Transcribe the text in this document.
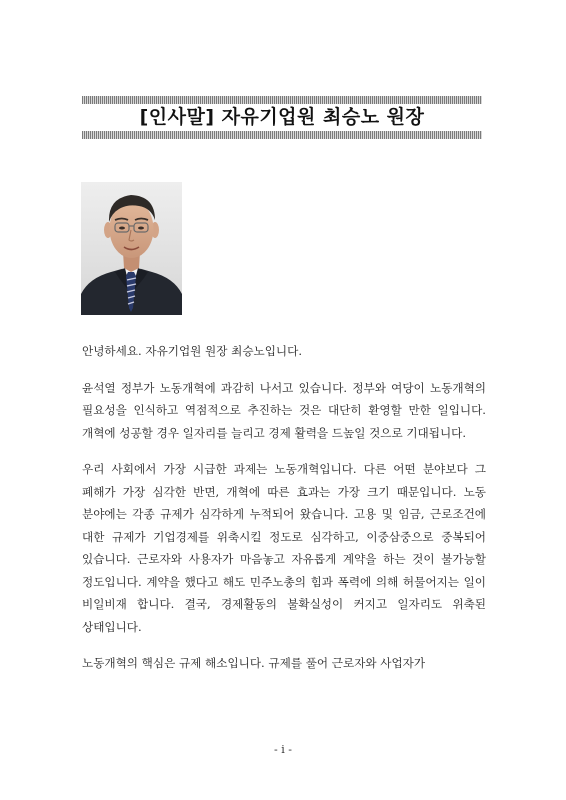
[인사말] 자유기업원 최승노 원장

안녕하세요. 자유기업원 원장 최승노입니다.

윤석열 정부가 노동개혁에 과감히 나서고 있습니다. 정부와 여당이 노동개혁의 필요성을 인식하고 역점적으로 추진하는 것은 대단히 환영할 만한 일입니다. 개혁에 성공할 경우 일자리를 늘리고 경제 활력을 드높일 것으로 기대됩니다.

우리 사회에서 가장 시급한 과제는 노동개혁입니다. 다른 어떤 분야보다 그 폐해가 가장 심각한 반면, 개혁에 따른 효과는 가장 크기 때문입니다. 노동 분야에는 각종 규제가 심각하게 누적되어 왔습니다. 고용 및 임금, 근로조건에 대한 규제가 기업경제를 위축시킬 정도로 심각하고, 이중삼중으로 중복되어 있습니다. 근로자와 사용자가 마음놓고 자유롭게 계약을 하는 것이 불가능할 정도입니다. 계약을 했다고 해도 민주노총의 힘과 폭력에 의해 허물어지는 일이 비일비재 합니다. 결국, 경제활동의 불확실성이 커지고 일자리도 위축된 상태입니다.

노동개혁의 핵심은 규제 해소입니다. 규제를 풀어 근로자와 사업자가

- i -
